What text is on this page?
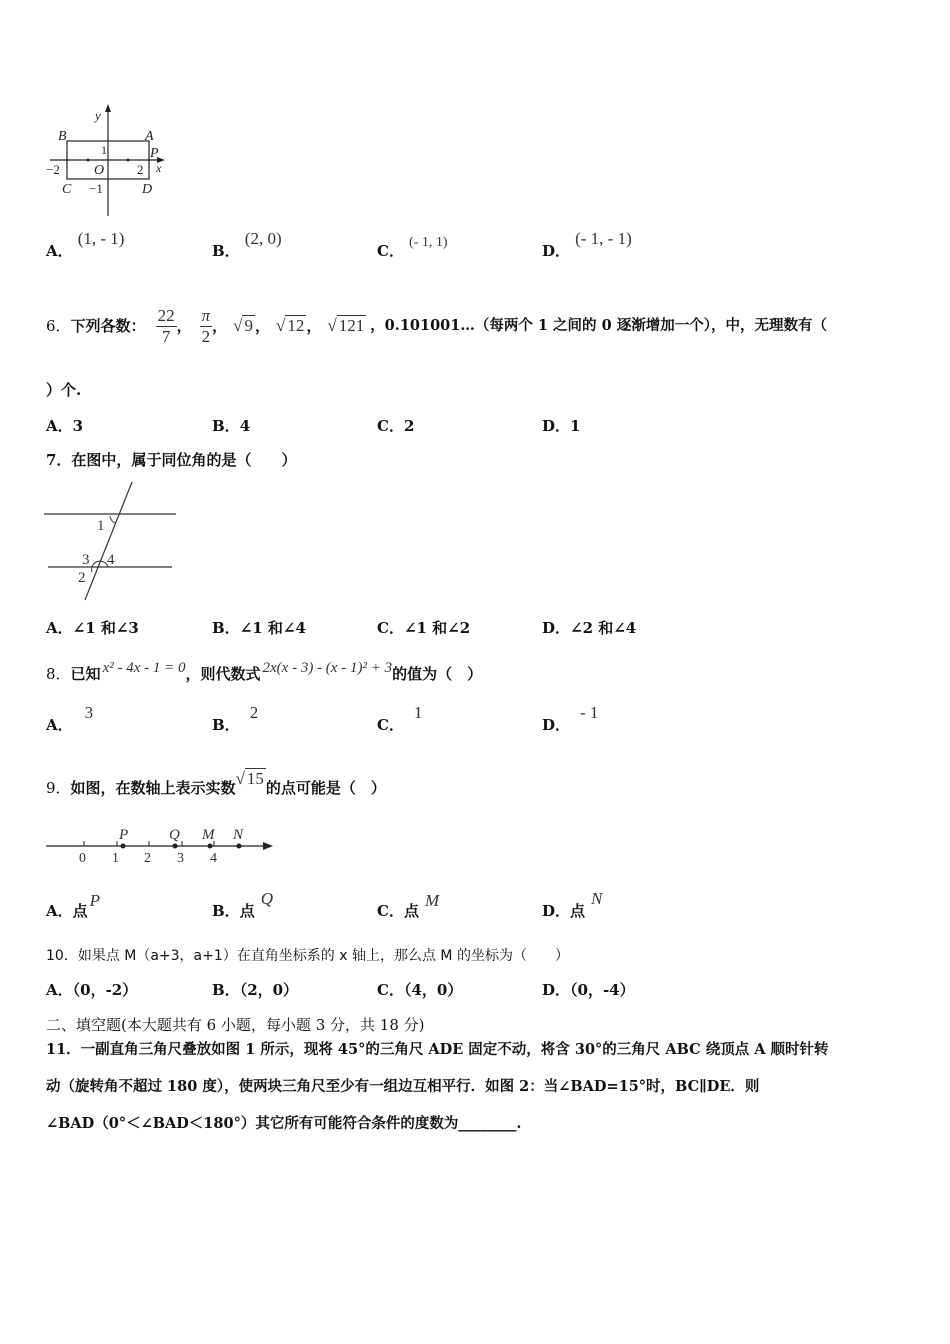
y
B	A
1	P
−2 O	2 x
C −1	D
A． (1, - 1)
B． (2, 0)
C． (- 1, 1)	D． (- 1, - 1)
6． 下列各数： $\frac{22}{7}$ ， $\frac{\pi}{2}$ ， √ 9 ， √ 12 ， √ 121 ，0.101001…（每两个 1 之间的 0 逐渐增加一个），中，无理数有（
）个.
A．3	B．4	C．2	D．1
7．在图中，属于同位角的是（　　）
1
3 4
2
A．∠1 和∠3	B．∠1 和∠4	C．∠1 和∠2	D．∠2 和∠4
8． 已知 x² - 4x - 1 = 0 ，则代数式 2x(x - 3) - (x - 1)² + 3 的值为（　）
A．3
B．2
C．1
D．- 1
9． 如图，在数轴上表示实数 √ 15 的点可能是（　）
P	Q M N
0 1 2 3 4
A．点P
B．点Q
C．点M
D．点N
10．如果点 M（a+3，a+1）在直角坐标系的 x 轴上，那么点 M 的坐标为（　　）
A．（0，-2）	B．（2，0）	C．（4，0）	D．（0，-4）
二、填空题(本大题共有 6 小题，每小题 3 分，共 18 分)
11．一副直角三角尺叠放如图 1 所示，现将 45°的三角尺 ADE 固定不动，将含 30°的三角尺 ABC 绕顶点 A 顺时针转
动（旋转角不超过 180 度），使两块三角尺至少有一组边互相平行．如图 2：当∠BAD=15°时，BC∥DE．则
∠BAD（0°＜∠BAD＜180°）其它所有可能符合条件的度数为________.
